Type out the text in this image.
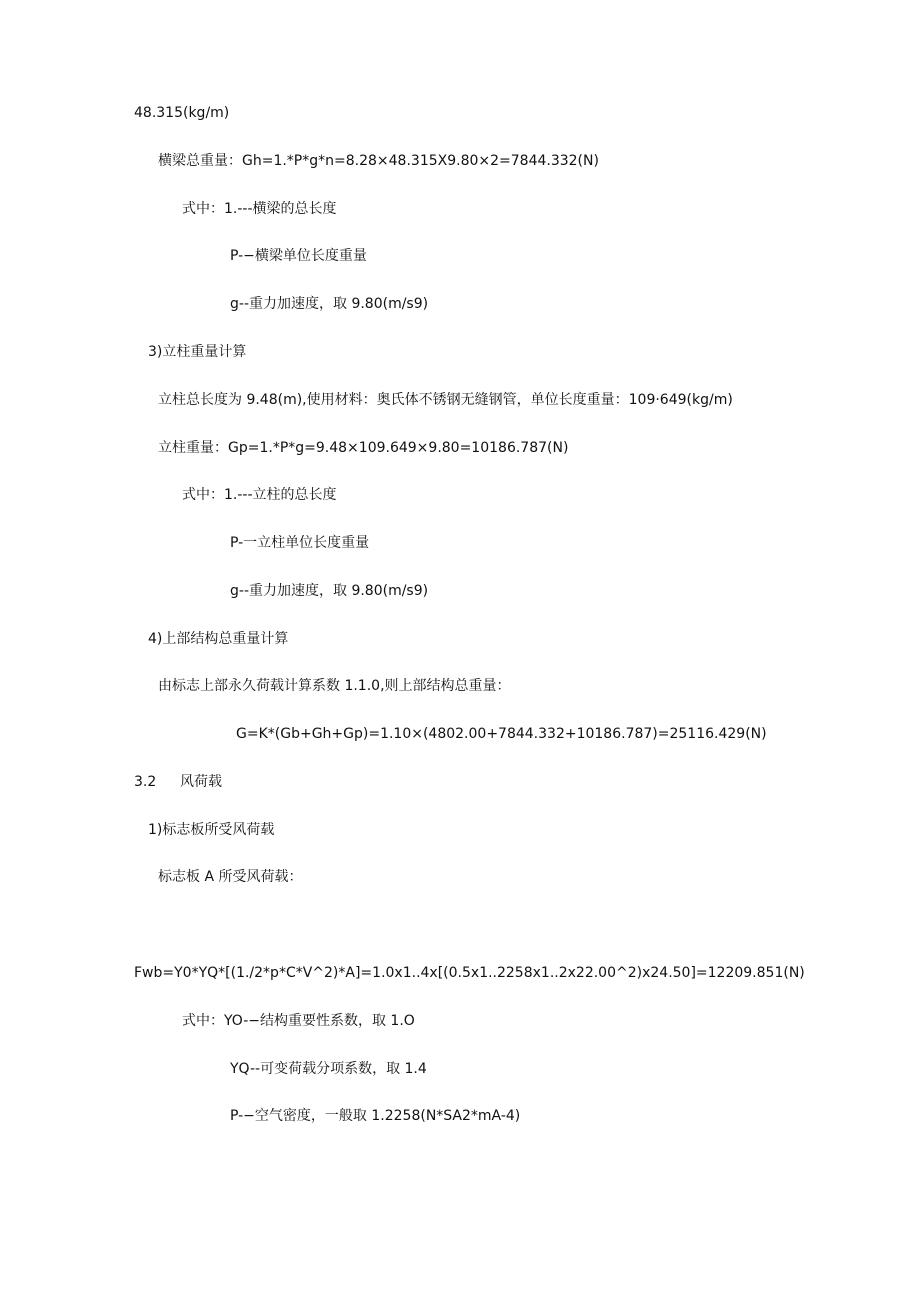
48.315(kg/m)

横梁总重量：Gh=1.*P*g*n=8.28×48.315X9.80×2=7844.332(N)

式中：1.---横梁的总长度

P-−横梁单位长度重量

g--重力加速度，取 9.80(m/s9)

3)立柱重量计算

立柱总长度为 9.48(m),使用材料：奥氏体不锈钢无缝钢管，单位长度重量：109·649(kg/m)

立柱重量：Gp=1.*P*g=9.48×109.649×9.80=10186.787(N)

式中：1.---立柱的总长度

P-一立柱单位长度重量

g--重力加速度，取 9.80(m/s9)

4)上部结构总重量计算

由标志上部永久荷载计算系数 1.1.0,则上部结构总重量：

G=K*(Gb+Gh+Gp)=1.10×(4802.00+7844.332+10186.787)=25116.429(N)

3.2 风荷载

1)标志板所受风荷载

标志板 A 所受风荷载：

Fwb=Y0*YQ*[(1./2*p*C*V^2)*A]=1.0x1..4x[(0.5x1..2258x1..2x22.00^2)x24.50]=12209.851(N)

式中：YO-−结构重要性系数，取 1.O

YQ--可变荷载分项系数，取 1.4

P-−空气密度，一般取 1.2258(N*SA2*mA-4)
